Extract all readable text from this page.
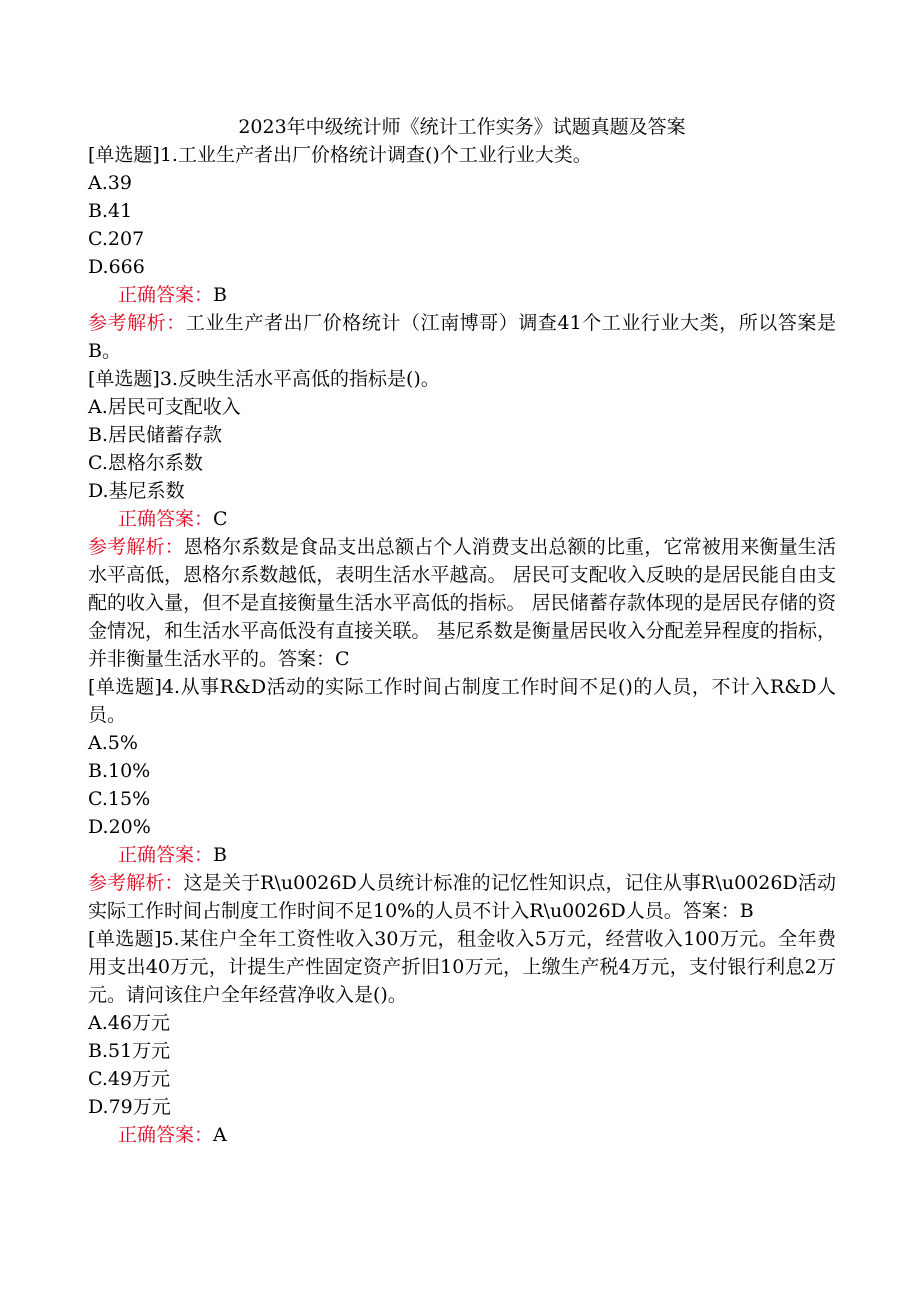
2023年中级统计师《统计工作实务》试题真题及答案
[单选题]1.工业生产者出厂价格统计调查()个工业行业大类。
A.39
B.41
C.207
D.666
正确答案：B

参考解析：工业生产者出厂价格统计（江南博哥）调查41个工业行业大类，所以答案是B。

[单选题]3.反映生活水平高低的指标是()。
A.居民可支配收入
B.居民储蓄存款
C.恩格尔系数
D.基尼系数
正确答案：C

参考解析：恩格尔系数是食品支出总额占个人消费支出总额的比重，它常被用来衡量生活水平高低，恩格尔系数越低，表明生活水平越高。 居民可支配收入反映的是居民能自由支配的收入量，但不是直接衡量生活水平高低的指标。 居民储蓄存款体现的是居民存储的资金情况，和生活水平高低没有直接关联。 基尼系数是衡量居民收入分配差异程度的指标，并非衡量生活水平的。答案：C

[单选题]4.从事R&D活动的实际工作时间占制度工作时间不足()的人员，不计入R&D人员。

A.5%
B.10%
C.15%
D.20%
正确答案：B

参考解析：这是关于R\u0026D人员统计标准的记忆性知识点，记住从事R\u0026D活动实际工作时间占制度工作时间不足10%的人员不计入R\u0026D人员。答案：B

[单选题]5.某住户全年工资性收入30万元，租金收入5万元，经营收入100万元。全年费用支出40万元，计提生产性固定资产折旧10万元，上缴生产税4万元，支付银行利息2万元。请问该住户全年经营净收入是()。

A.46万元
B.51万元
C.49万元
D.79万元
正确答案：A
